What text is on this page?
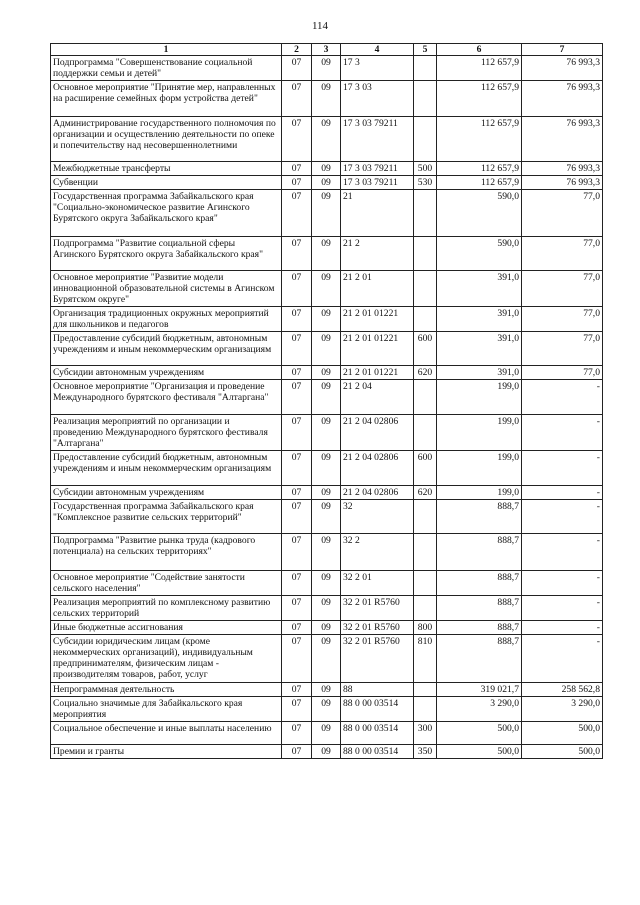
114
1	2	3	4	5	6	7
Подпрограмма "Совершенствование социальной поддержки семьи и детей"	07	09	17 3		112 657,9	76 993,3
Основное мероприятие "Принятие мер, направленных на расширение семейных форм устройства детей"	07	09	17 3 03		112 657,9	76 993,3
Администрирование государственного полномочия по организации и осуществлению деятельности по опеке и попечительству над несовершеннолетними	07	09	17 3 03 79211		112 657,9	76 993,3
Межбюджетные трансферты	07	09	17 3 03 79211	500	112 657,9	76 993,3
Субвенции	07	09	17 3 03 79211	530	112 657,9	76 993,3
Государственная программа Забайкальского края "Социально-экономическое развитие Агинского Бурятского округа Забайкальского края"	07	09	21		590,0	77,0
Подпрограмма "Развитие социальной сферы Агинского Бурятского округа Забайкальского края"	07	09	21 2		590,0	77,0
Основное мероприятие "Развитие модели инновационной образовательной системы в Агинском Бурятском округе"	07	09	21 2 01		391,0	77,0
Организация традиционных окружных мероприятий для школьников и педагогов	07	09	21 2 01 01221		391,0	77,0
Предоставление субсидий бюджетным, автономным учреждениям и иным некоммерческим организациям	07	09	21 2 01 01221	600	391,0	77,0
Субсидии автономным учреждениям	07	09	21 2 01 01221	620	391,0	77,0
Основное мероприятие "Организация и проведение Международного бурятского фестиваля "Алтаргана"	07	09	21 2 04		199,0	-
Реализация мероприятий по организации и проведению Международного бурятского фестиваля "Алтаргана"	07	09	21 2 04 02806		199,0	-
Предоставление субсидий бюджетным, автономным учреждениям и иным некоммерческим организациям	07	09	21 2 04 02806	600	199,0	-
Субсидии автономным учреждениям	07	09	21 2 04 02806	620	199,0	-
Государственная программа Забайкальского края "Комплексное развитие сельских территорий"	07	09	32		888,7	-
Подпрограмма "Развитие рынка труда (кадрового потенциала) на сельских территориях"	07	09	32 2		888,7	-
Основное мероприятие "Содействие занятости сельского населения"	07	09	32 2 01		888,7	-
Реализация мероприятий по комплексному развитию сельских территорий	07	09	32 2 01 R5760		888,7	-
Иные бюджетные ассигнования	07	09	32 2 01 R5760	800	888,7	-
Субсидии юридическим лицам (кроме некоммерческих организаций), индивидуальным предпринимателям, физическим лицам - производителям товаров, работ, услуг	07	09	32 2 01 R5760	810	888,7	-
Непрограммная деятельность	07	09	88		319 021,7	258 562,8
Социально значимые для Забайкальского края мероприятия	07	09	88 0 00 03514		3 290,0	3 290,0
Социальное обеспечение и иные выплаты населению	07	09	88 0 00 03514	300	500,0	500,0
Премии и гранты	07	09	88 0 00 03514	350	500,0	500,0
